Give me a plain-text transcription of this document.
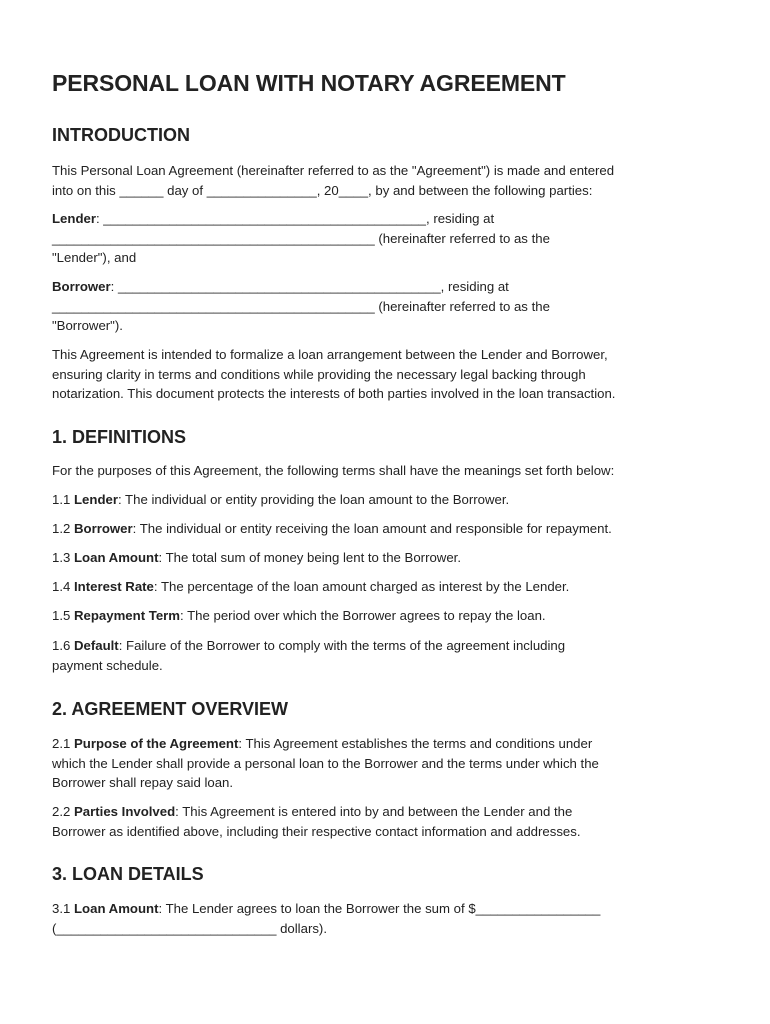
PERSONAL LOAN WITH NOTARY AGREEMENT
INTRODUCTION

This Personal Loan Agreement (hereinafter referred to as the "Agreement") is made and entered
into on this ______ day of _______________, 20____, by and between the following parties:

Lender: ____________________________________________, residing at
____________________________________________ (hereinafter referred to as the
"Lender"), and

Borrower: ____________________________________________, residing at
____________________________________________ (hereinafter referred to as the
"Borrower").

This Agreement is intended to formalize a loan arrangement between the Lender and Borrower,
ensuring clarity in terms and conditions while providing the necessary legal backing through
notarization. This document protects the interests of both parties involved in the loan transaction.

1. DEFINITIONS

For the purposes of this Agreement, the following terms shall have the meanings set forth below:

1.1 Lender: The individual or entity providing the loan amount to the Borrower.

1.2 Borrower: The individual or entity receiving the loan amount and responsible for repayment.

1.3 Loan Amount: The total sum of money being lent to the Borrower.

1.4 Interest Rate: The percentage of the loan amount charged as interest by the Lender.

1.5 Repayment Term: The period over which the Borrower agrees to repay the loan.

1.6 Default: Failure of the Borrower to comply with the terms of the agreement including
payment schedule.

2. AGREEMENT OVERVIEW

2.1 Purpose of the Agreement: This Agreement establishes the terms and conditions under
which the Lender shall provide a personal loan to the Borrower and the terms under which the
Borrower shall repay said loan.

2.2 Parties Involved: This Agreement is entered into by and between the Lender and the
Borrower as identified above, including their respective contact information and addresses.

3. LOAN DETAILS

3.1 Loan Amount: The Lender agrees to loan the Borrower the sum of $_________________
(______________________________ dollars).
